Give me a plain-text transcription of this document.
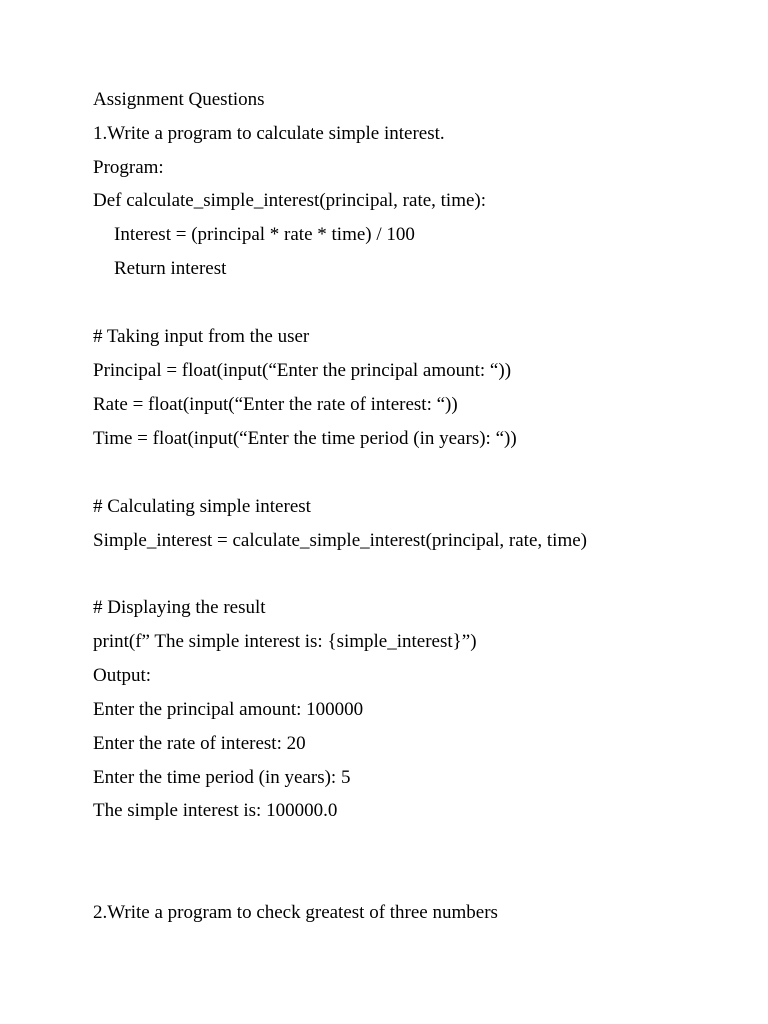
Assignment Questions
1.Write a program to calculate simple interest.
Program:
Def calculate_simple_interest(principal, rate, time):
Interest = (principal * rate * time) / 100
Return interest
# Taking input from the user
Principal = float(input(“Enter the principal amount: “))
Rate = float(input(“Enter the rate of interest: “))
Time = float(input(“Enter the time period (in years): “))
# Calculating simple interest
Simple_interest = calculate_simple_interest(principal, rate, time)
# Displaying the result
print(f” The simple interest is: {simple_interest}”)
Output:
Enter the principal amount: 100000
Enter the rate of interest: 20
Enter the time period (in years): 5
The simple interest is: 100000.0
2.Write a program to check greatest of three numbers
